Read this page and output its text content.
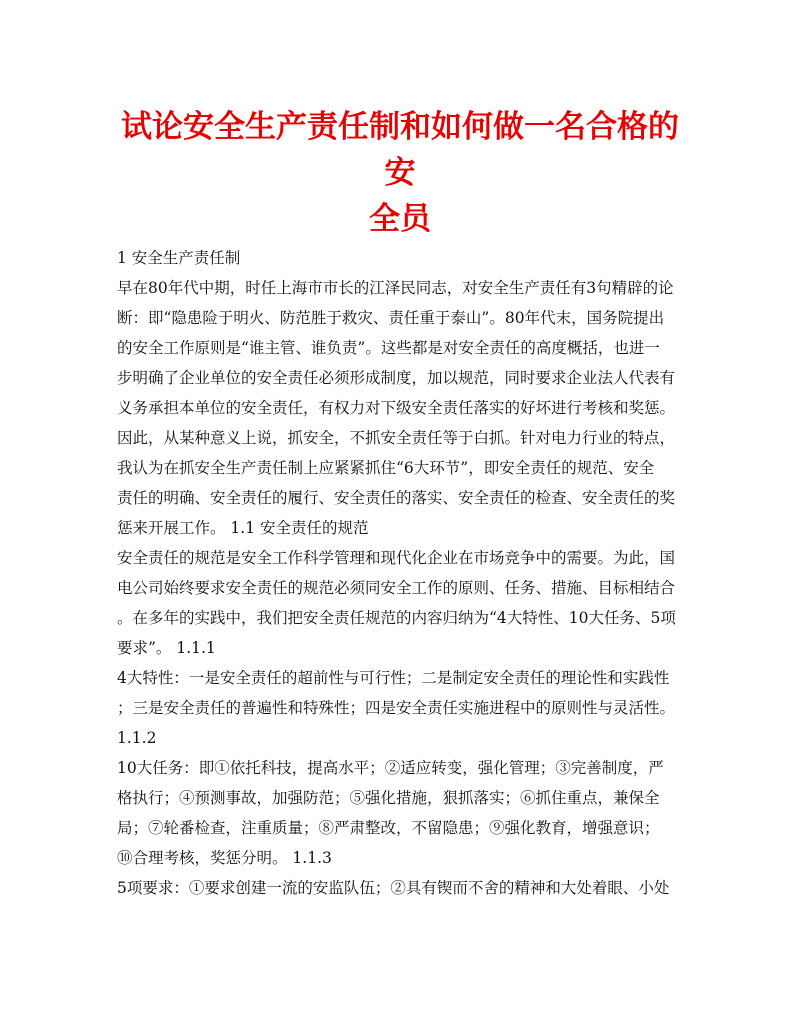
试论安全生产责任制和如何做一名合格的安
全员
1 安全生产责任制
早在80年代中期，时任上海市市长的江泽民同志，对安全生产责任有3句精辟的论
断：即“隐患险于明火、防范胜于救灾、责任重于泰山”。80年代末，国务院提出
的安全工作原则是“谁主管、谁负责”。这些都是对安全责任的高度概括，也进一
步明确了企业单位的安全责任必须形成制度，加以规范，同时要求企业法人代表有
义务承担本单位的安全责任，有权力对下级安全责任落实的好坏进行考核和奖惩。
因此，从某种意义上说，抓安全，不抓安全责任等于白抓。针对电力行业的特点，
我认为在抓安全生产责任制上应紧紧抓住“6大环节”，即安全责任的规范、安全
责任的明确、安全责任的履行、安全责任的落实、安全责任的检查、安全责任的奖
惩来开展工作。 1.1 安全责任的规范
安全责任的规范是安全工作科学管理和现代化企业在市场竞争中的需要。为此，国
电公司始终要求安全责任的规范必须同安全工作的原则、任务、措施、目标相结合
。在多年的实践中，我们把安全责任规范的内容归纳为“4大特性、10大任务、5项
要求”。 1.1.1
4大特性：一是安全责任的超前性与可行性；二是制定安全责任的理论性和实践性
；三是安全责任的普遍性和特殊性；四是安全责任实施进程中的原则性与灵活性。
1.1.2
10大任务：即①依托科技，提高水平；②适应转变，强化管理；③完善制度，严
格执行；④预测事故，加强防范；⑤强化措施，狠抓落实；⑥抓住重点，兼保全
局；⑦轮番检查，注重质量；⑧严肃整改，不留隐患；⑨强化教育，增强意识；
⑩合理考核，奖惩分明。 1.1.3
5项要求：①要求创建一流的安监队伍；②具有锲而不舍的精神和大处着眼、小处
